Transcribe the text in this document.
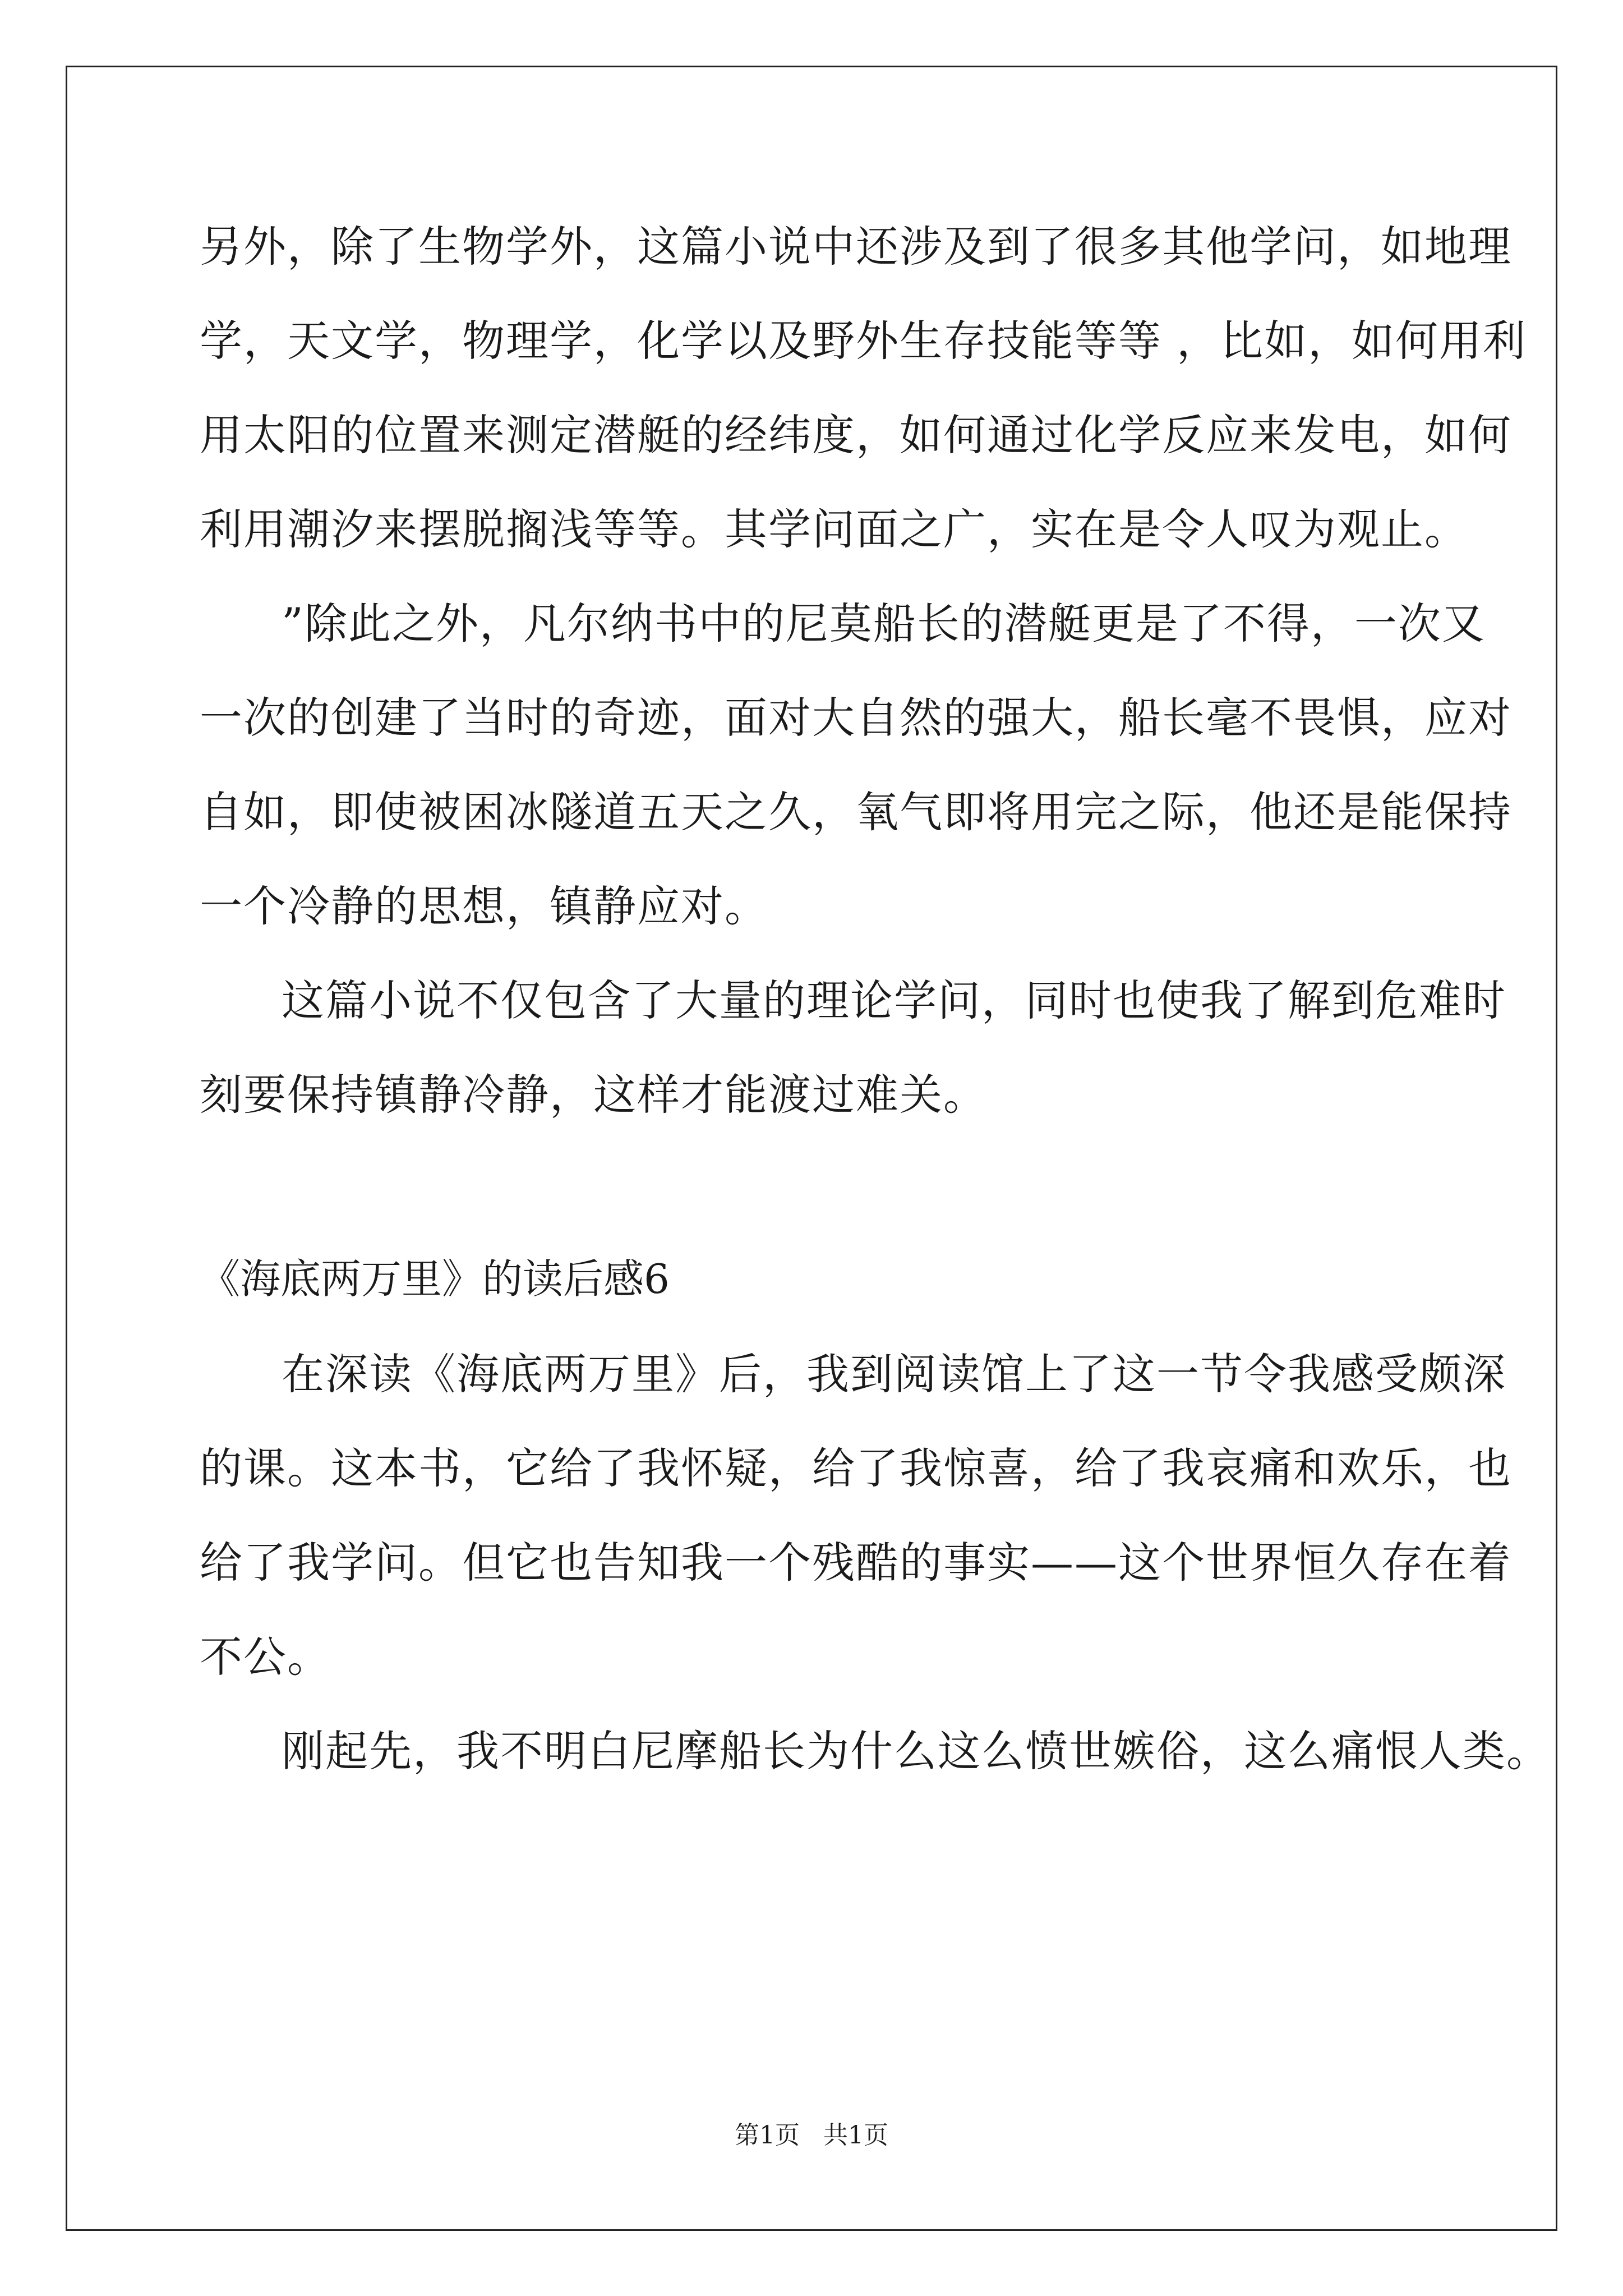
另外，除了生物学外，这篇小说中还涉及到了很多其他学问，如地理
学，天文学，物理学，化学以及野外生存技能等等 ，比如，如何用利
用太阳的位置来测定潜艇的经纬度，如何通过化学反应来发电，如何
利用潮汐来摆脱搁浅等等。其学问面之广，实在是令人叹为观止。
”除此之外，凡尔纳书中的尼莫船长的潜艇更是了不得，一次又
一次的创建了当时的奇迹，面对大自然的强大，船长毫不畏惧，应对
自如，即使被困冰隧道五天之久，氧气即将用完之际，他还是能保持
一个冷静的思想，镇静应对。
这篇小说不仅包含了大量的理论学问，同时也使我了解到危难时
刻要保持镇静冷静，这样才能渡过难关。
《海底两万里》的读后感6
在深读《海底两万里》后，我到阅读馆上了这一节令我感受颇深
的课。这本书，它给了我怀疑，给了我惊喜，给了我哀痛和欢乐，也
给了我学问。但它也告知我一个残酷的事实——这个世界恒久存在着
不公。
刚起先，我不明白尼摩船长为什么这么愤世嫉俗，这么痛恨人类。
第1页   共1页
